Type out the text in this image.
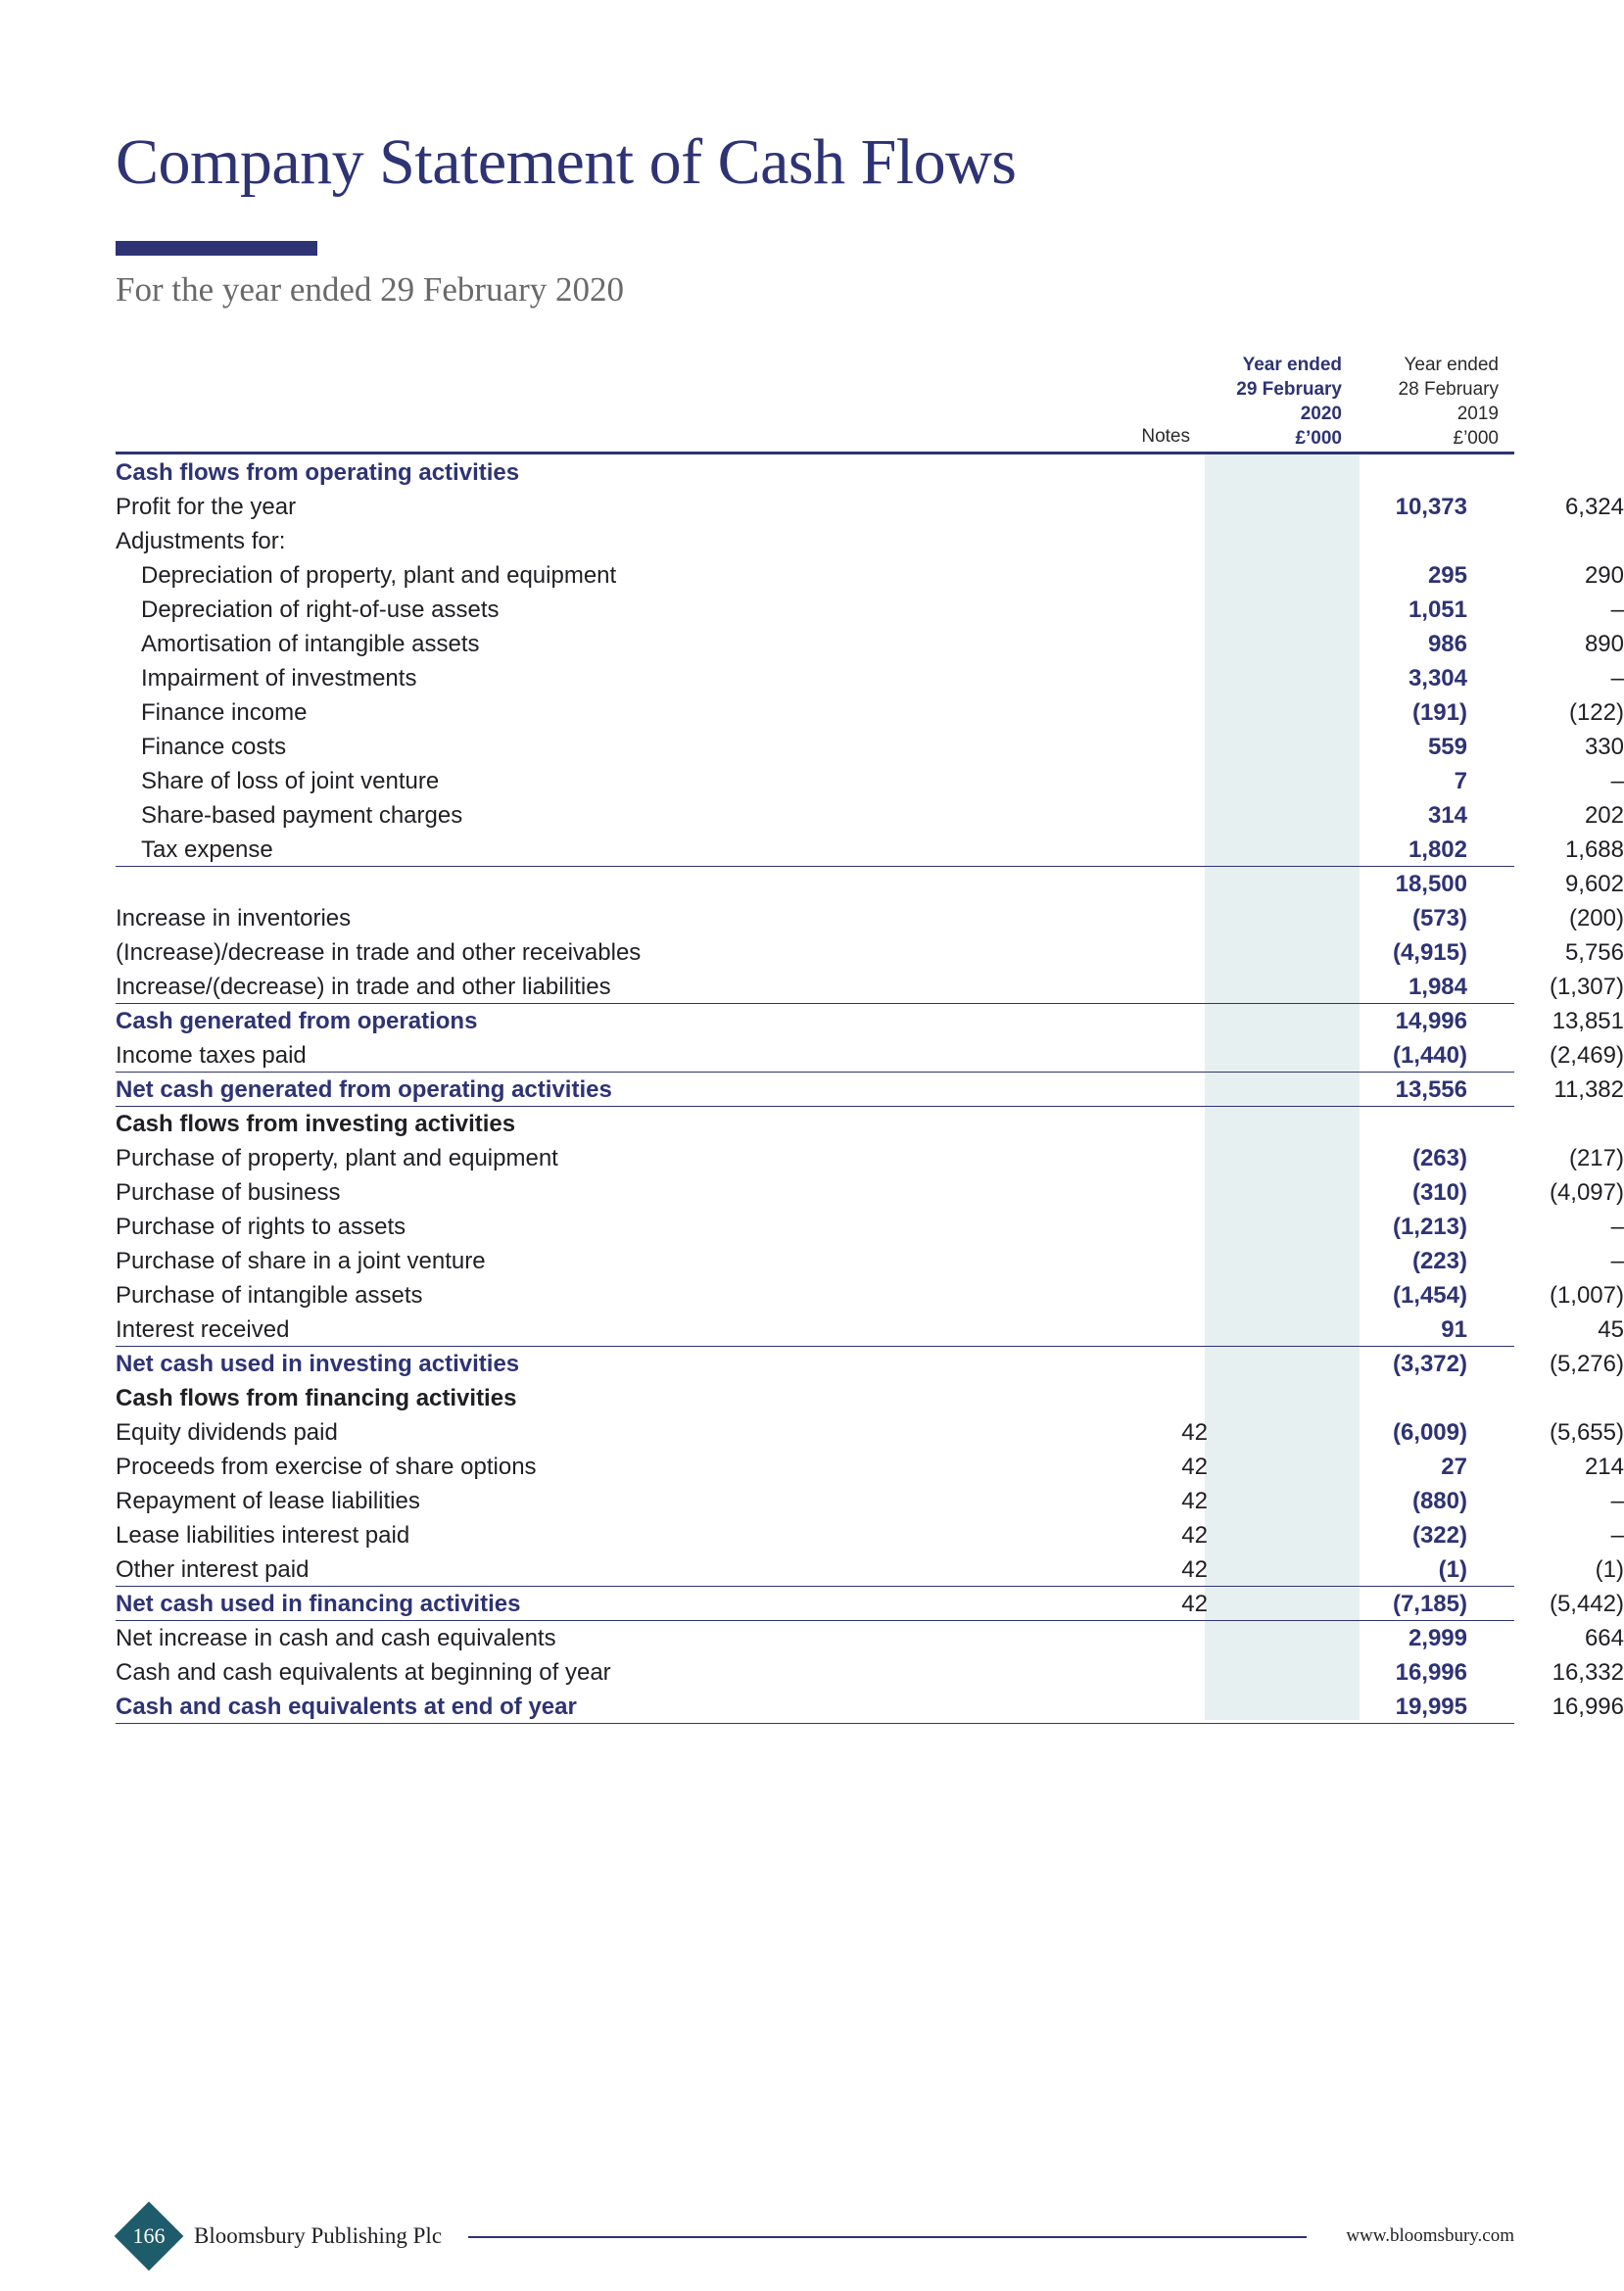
Company Statement of Cash Flows
For the year ended 29 February 2020
Notes
Year ended
29 February
2020
£’000
Year ended
28 February
2019
£’000
Cash flows from operating activities
Profit for the year	10,373	6,324
Adjustments for:
Depreciation of property, plant and equipment	295	290
Depreciation of right-of-use assets	1,051	–
Amortisation of intangible assets	986	890
Impairment of investments	3,304	–
Finance income	(191)	(122)
Finance costs	559	330
Share of loss of joint venture	7	–
Share-based payment charges	314	202
Tax expense	1,802	1,688
18,500	9,602
Increase in inventories	(573)	(200)
(Increase)/decrease in trade and other receivables	(4,915)	5,756
Increase/(decrease) in trade and other liabilities	1,984	(1,307)
Cash generated from operations	14,996	13,851
Income taxes paid	(1,440)	(2,469)
Net cash generated from operating activities	13,556	11,382
Cash flows from investing activities
Purchase of property, plant and equipment	(263)	(217)
Purchase of business	(310)	(4,097)
Purchase of rights to assets	(1,213)	–
Purchase of share in a joint venture	(223)	–
Purchase of intangible assets	(1,454)	(1,007)
Interest received	91	45
Net cash used in investing activities	(3,372)	(5,276)
Cash flows from financing activities
Equity dividends paid	42	(6,009)	(5,655)
Proceeds from exercise of share options	42	27	214
Repayment of lease liabilities	42	(880)	–
Lease liabilities interest paid	42	(322)	–
Other interest paid	42	(1)	(1)
Net cash used in financing activities	42	(7,185)	(5,442)
Net increase in cash and cash equivalents	2,999	664
Cash and cash equivalents at beginning of year	16,996	16,332
Cash and cash equivalents at end of year	19,995	16,996
166	Bloomsbury Publishing Plc	www.bloomsbury.com
